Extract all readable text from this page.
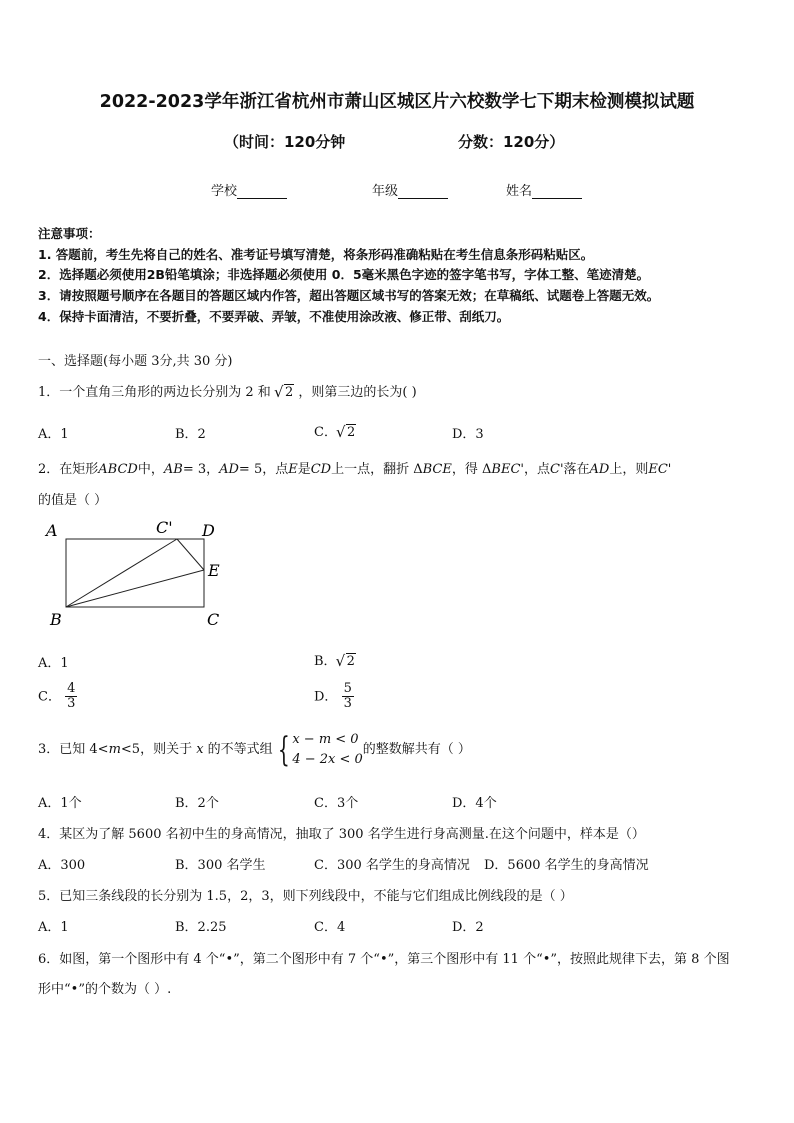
2022-2023学年浙江省杭州市萧山区城区片六校数学七下期末检测模拟试题
（时间：120分钟	分数：120分）
学校	年级	姓名
注意事项：
1. 答题前，考生先将自己的姓名、准考证号填写清楚，将条形码准确粘贴在考生信息条形码粘贴区。
2．选择题必须使用2B铅笔填涂；非选择题必须使用 0．5毫米黑色字迹的签字笔书写，字体工整、笔迹清楚。
3．请按照题号顺序在各题目的答题区域内作答，超出答题区域书写的答案无效；在草稿纸、试题卷上答题无效。
4．保持卡面清洁，不要折叠，不要弄破、弄皱，不准使用涂改液、修正带、刮纸刀。
一、选择题(每小题 3分,共 30 分)
1．一个直角三角形的两边长分别为 2 和 √ 2 ，则第三边的长为( )
A．1	B．2	C． √ 2	D．3
2．在矩形ABCD中，AB= 3，AD= 5，点E是CD上一点，翻折 ΔBCE，得 ΔBEC'，点C'落在AD上，则EC'
的值是（ ）
A
B	C
D
E
C'
A．1	B． √ 2
C． $\frac{4}{3}$	D． $\frac{5}{3}$
3．已知 4<m<5，则关于 x 的不等式组 { x − m < 0
4 − 2x < 0
的整数解共有（ ）
A．1个	B．2个	C．3个	D．4个
4．某区为了解 5600 名初中生的身高情况，抽取了 300 名学生进行身高测量.在这个问题中，样本是（）
A．300	B．300 名学生	C．300 名学生的身高情况 D．5600 名学生的身高情况
5．已知三条线段的长分别为 1.5，2，3，则下列线段中，不能与它们组成比例线段的是（ ）
A．1	B．2.25	C．4	D．2
6．如图，第一个图形中有 4 个“•”，第二个图形中有 7 个“•”，第三个图形中有 11 个“•”，按照此规律下去，第 8 个图
形中“•”的个数为（ ）.
